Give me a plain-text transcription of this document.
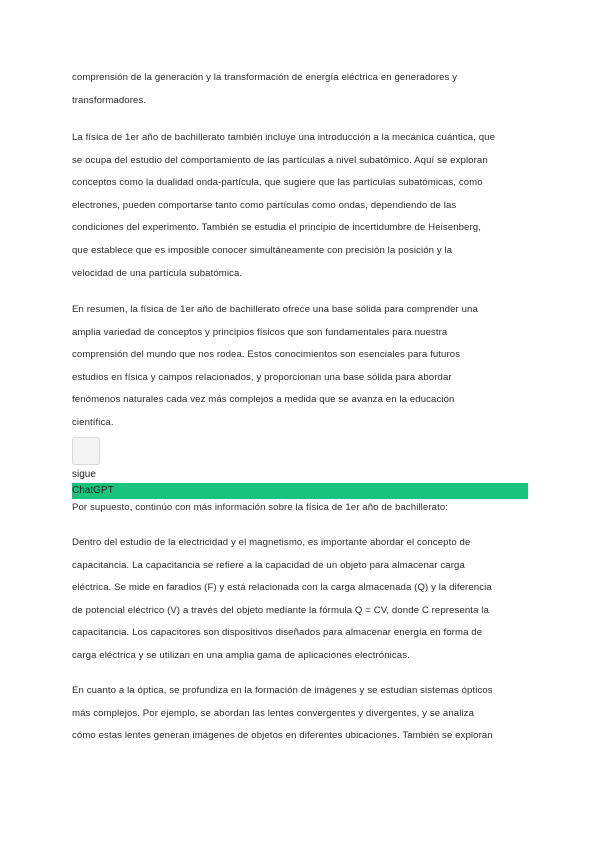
comprensión de la generación y la transformación de energía eléctrica en generadores y
transformadores.
La física de 1er año de bachillerato también incluye una introducción a la mecánica cuántica, que
se ocupa del estudio del comportamiento de las partículas a nivel subatómico. Aquí se exploran
conceptos como la dualidad onda-partícula, que sugiere que las partículas subatómicas, como
electrones, pueden comportarse tanto como partículas como ondas, dependiendo de las
condiciones del experimento. También se estudia el principio de incertidumbre de Heisenberg,
que establece que es imposible conocer simultáneamente con precisión la posición y la
velocidad de una partícula subatómica.
En resumen, la física de 1er año de bachillerato ofrece una base sólida para comprender una
amplia variedad de conceptos y principios físicos que son fundamentales para nuestra
comprensión del mundo que nos rodea. Estos conocimientos son esenciales para futuros
estudios en física y campos relacionados, y proporcionan una base sólida para abordar
fenómenos naturales cada vez más complejos a medida que se avanza en la educación
científica.
sigue
ChatGPT
Por supuesto, continúo con más información sobre la física de 1er año de bachillerato:
Dentro del estudio de la electricidad y el magnetismo, es importante abordar el concepto de
capacitancia. La capacitancia se refiere a la capacidad de un objeto para almacenar carga
eléctrica. Se mide en faradios (F) y está relacionada con la carga almacenada (Q) y la diferencia
de potencial eléctrico (V) a través del objeto mediante la fórmula Q = CV, donde C representa la
capacitancia. Los capacitores son dispositivos diseñados para almacenar energía en forma de
carga eléctrica y se utilizan en una amplia gama de aplicaciones electrónicas.
En cuanto a la óptica, se profundiza en la formación de imágenes y se estudian sistemas ópticos
más complejos. Por ejemplo, se abordan las lentes convergentes y divergentes, y se analiza
cómo estas lentes generan imágenes de objetos en diferentes ubicaciones. También se exploran
